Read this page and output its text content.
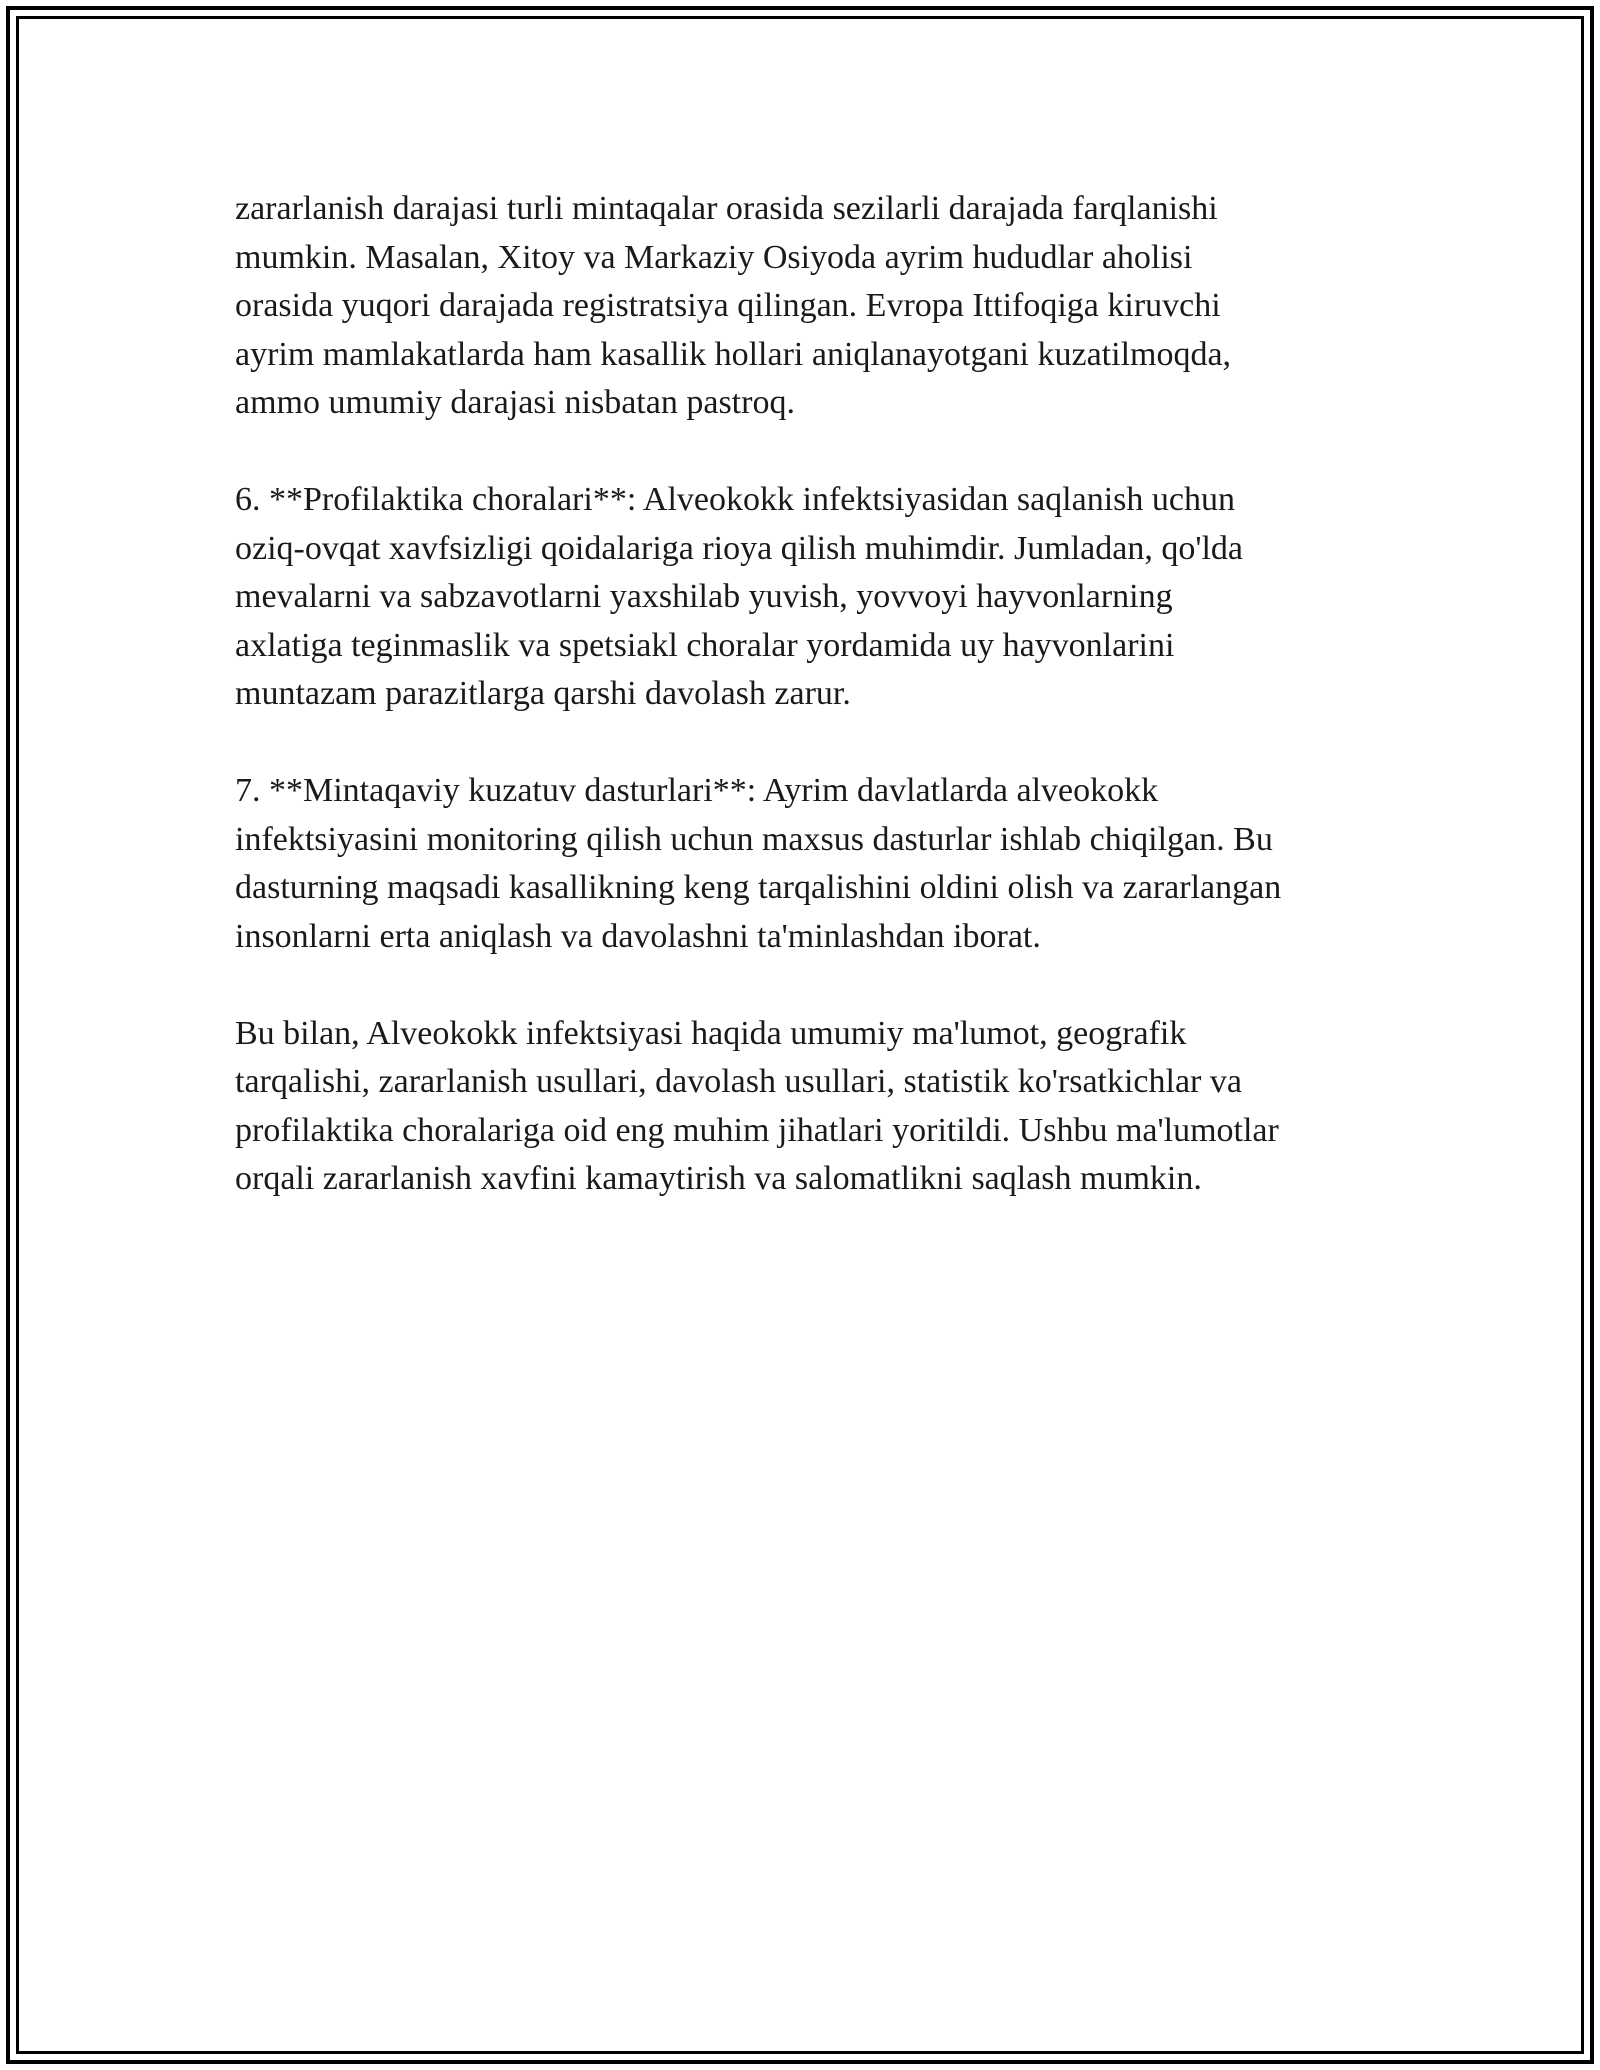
zararlanish darajasi turli mintaqalar orasida sezilarli darajada farqlanishi
mumkin. Masalan, Xitoy va Markaziy Osiyoda ayrim hududlar aholisi
orasida yuqori darajada registratsiya qilingan. Evropa Ittifoqiga kiruvchi
ayrim mamlakatlarda ham kasallik hollari aniqlanayotgani kuzatilmoqda,
ammo umumiy darajasi nisbatan pastroq.

6. **Profilaktika choralari**: Alveokokk infektsiyasidan saqlanish uchun
oziq-ovqat xavfsizligi qoidalariga rioya qilish muhimdir. Jumladan, qo'lda
mevalarni va sabzavotlarni yaxshilab yuvish, yovvoyi hayvonlarning
axlatiga teginmaslik va spetsiakl choralar yordamida uy hayvonlarini
muntazam parazitlarga qarshi davolash zarur.

7. **Mintaqaviy kuzatuv dasturlari**: Ayrim davlatlarda alveokokk
infektsiyasini monitoring qilish uchun maxsus dasturlar ishlab chiqilgan. Bu
dasturning maqsadi kasallikning keng tarqalishini oldini olish va zararlangan
insonlarni erta aniqlash va davolashni ta'minlashdan iborat.

Bu bilan, Alveokokk infektsiyasi haqida umumiy ma'lumot, geografik
tarqalishi, zararlanish usullari, davolash usullari, statistik ko'rsatkichlar va
profilaktika choralariga oid eng muhim jihatlari yoritildi. Ushbu ma'lumotlar
orqali zararlanish xavfini kamaytirish va salomatlikni saqlash mumkin.
